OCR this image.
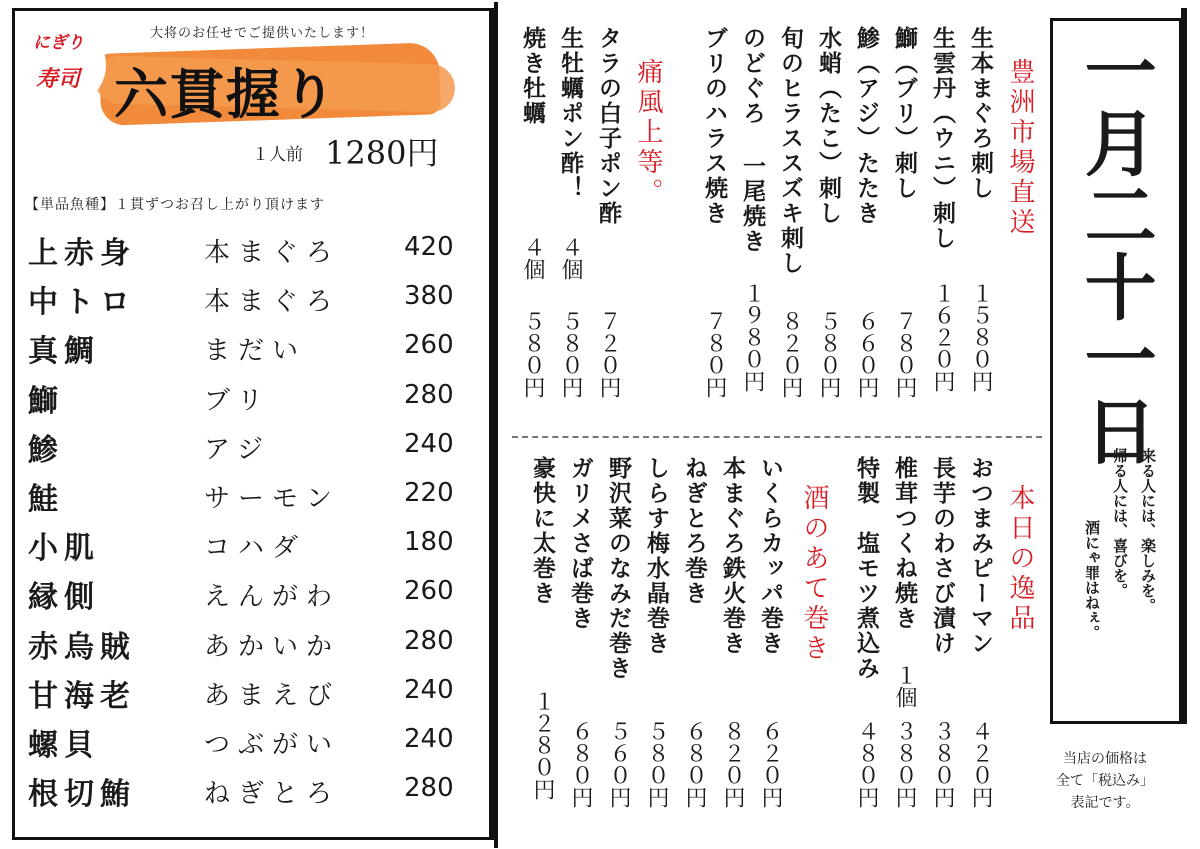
にぎり
寿司
大将のお任せでご提供いたします！
六貫握り
１人前 1280円
【単品魚種】１貫ずつお召し上がり頂けます
上赤身	本まぐろ 420
中トロ	本まぐろ 380
真鯛	まだい	260
鰤	ブリ	280
鯵	アジ	240
鮭	サーモン 220
小肌	コハダ	180
縁側	えんがわ 260
赤烏賊	あかいか 280
甘海老	あまえび 240
螺貝	つぶがい 240
根切鮪	ねぎとろ 280
豊洲市場直送
生本まぐろ刺し
１５８０円
生雲丹（ウニ）刺し
１６２０円
鰤（ブリ）刺し
７８０円
鯵（アジ）たたき
６６０円
水蛸（たこ）刺し
５８０円
旬のヒラススズキ刺し
８２０円
のどぐろ 一尾焼き
１９８０円
ブリのハラス焼き
７８０円
痛風上等。
タラの白子ポン酢
７２０円
生牡蠣ポン酢！
４個
５８０円
焼き牡蠣
４個
５８０円
本日の逸品
おつまみピーマン
４２０円
長芋のわさび漬け
３８０円
椎茸つくね焼き
１個
３８０円
特製　塩モツ煮込み
４８０円
酒のあて巻き
いくらカッパ巻き
６２０円
本まぐろ鉄火巻き
８２０円
ねぎとろ巻き
６８０円
しらす梅水晶巻き
５８０円
野沢菜のなみだ巻き
５６０円
ガリメさば巻き
６８０円
豪快に太巻き
１２８０円
一月二十一日
来る人には、楽しみを。
帰る人には、喜びを。
酒にゃ罪はねぇ。
当店の価格は
全て「税込み」
表記です。
